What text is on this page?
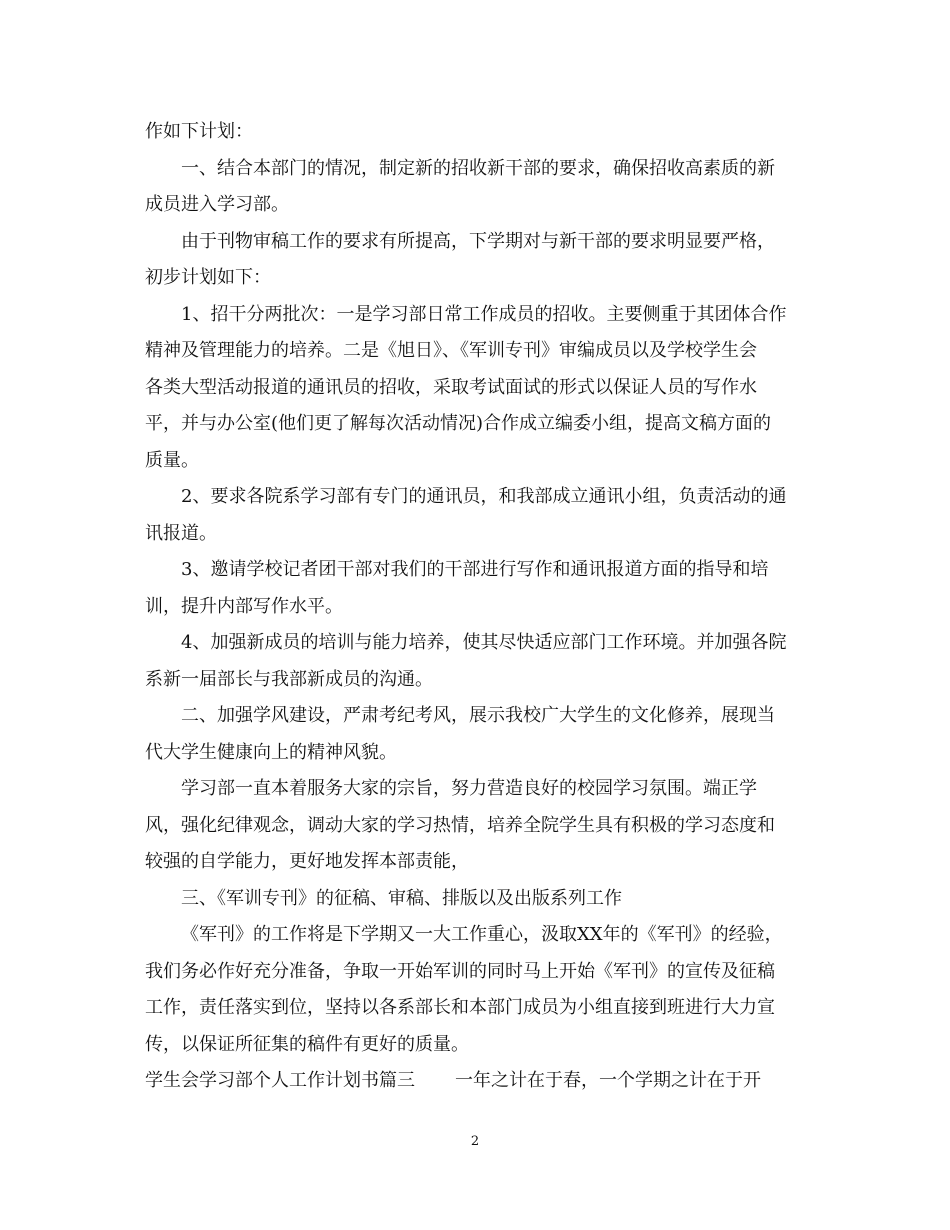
作如下计划：

一、结合本部门的情况，制定新的招收新干部的要求，确保招收高素质的新

成员进入学习部。

由于刊物审稿工作的要求有所提高，下学期对与新干部的要求明显要严格，

初步计划如下：

1、招干分两批次：一是学习部日常工作成员的招收。主要侧重于其团体合作

精神及管理能力的培养。二是《旭日》、《军训专刊》审编成员以及学校学生会

各类大型活动报道的通讯员的招收，采取考试面试的形式以保证人员的写作水

平，并与办公室(他们更了解每次活动情况)合作成立编委小组，提高文稿方面的

质量。

2、要求各院系学习部有专门的通讯员，和我部成立通讯小组，负责活动的通

讯报道。

3、邀请学校记者团干部对我们的干部进行写作和通讯报道方面的指导和培

训，提升内部写作水平。

4、加强新成员的培训与能力培养，使其尽快适应部门工作环境。并加强各院

系新一届部长与我部新成员的沟通。

二、加强学风建设，严肃考纪考风，展示我校广大学生的文化修养，展现当

代大学生健康向上的精神风貌。

学习部一直本着服务大家的宗旨，努力营造良好的校园学习氛围。端正学

风，强化纪律观念，调动大家的学习热情，培养全院学生具有积极的学习态度和

较强的自学能力，更好地发挥本部责能，

三、《军训专刊》的征稿、审稿、排版以及出版系列工作

《军刊》的工作将是下学期又一大工作重心，汲取XX年的《军刊》的经验，

我们务必作好充分准备，争取一开始军训的同时马上开始《军刊》的宣传及征稿

工作，责任落实到位，坚持以各系部长和本部门成员为小组直接到班进行大力宣

传，以保证所征集的稿件有更好的质量。

学生会学习部个人工作计划书篇三 一年之计在于春，一个学期之计在于开

2
